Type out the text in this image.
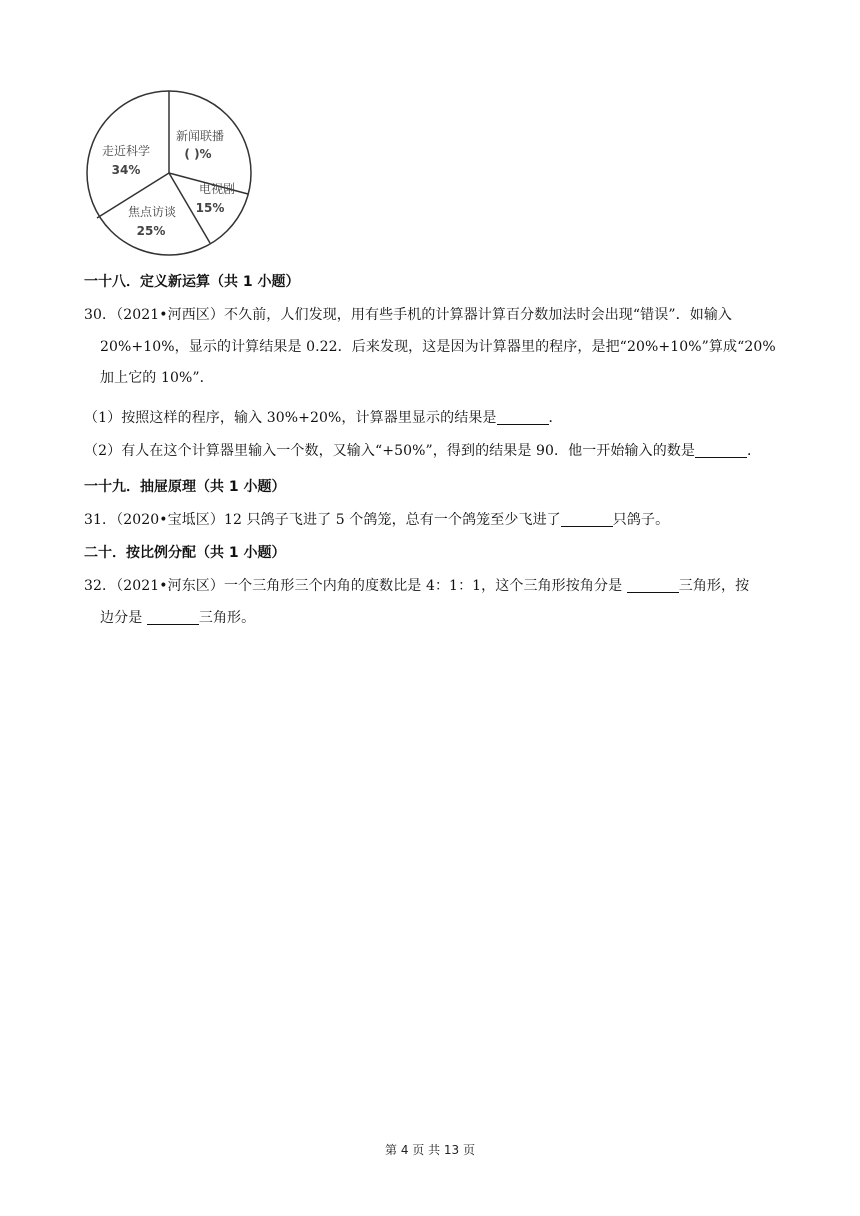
新闻联播
( )%
电视剧
15%
焦点访谈
25%
走近科学
34%
一十八．定义新运算（共 1 小题）
30．（2021•河西区）不久前，人们发现，用有些手机的计算器计算百分数加法时会出现“错误”．如输入
20%+10%，显示的计算结果是 0.22．后来发现，这是因为计算器里的程序，是把“20%+10%”算成“20%
加上它的 10%”．
（1）按照这样的程序，输入 30%+20%，计算器里显示的结果是	．
（2）有人在这个计算器里输入一个数，又输入“+50%”，得到的结果是 90．他一开始输入的数是	．
一十九．抽屉原理（共 1 小题）
31．（2020•宝坻区）12 只鸽子飞进了 5 个鸽笼，总有一个鸽笼至少飞进了	只鸽子。
二十．按比例分配（共 1 小题）
32．（2021•河东区）一个三角形三个内角的度数比是 4：1：1，这个三角形按角分是	三角形，按
边分是	三角形。
第 4 页 共 13 页
